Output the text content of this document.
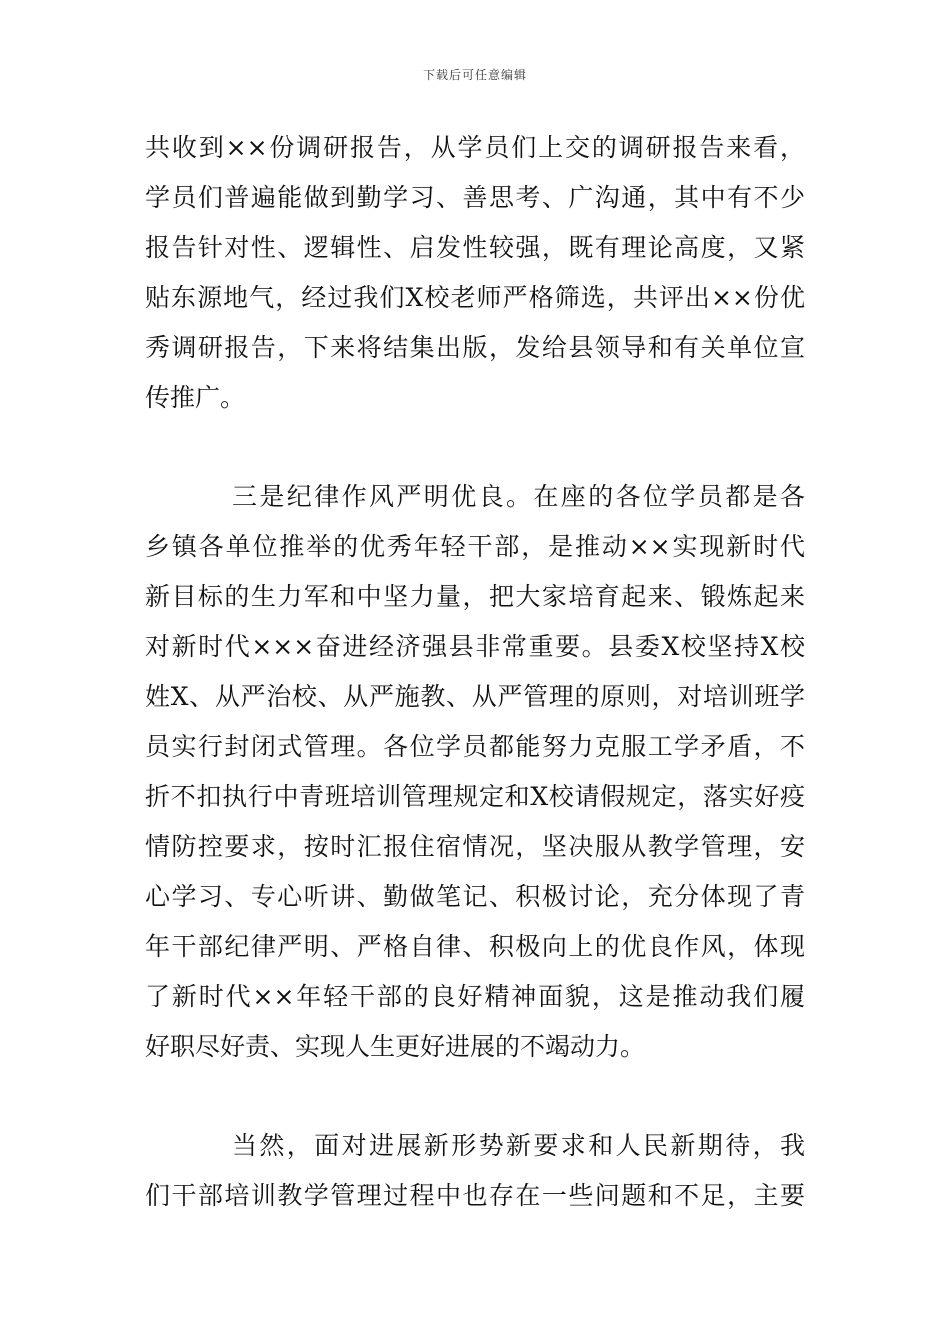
下载后可任意编辑
共收到××份调研报告，从学员们上交的调研报告来看，
学员们普遍能做到勤学习、善思考、广沟通，其中有不少
报告针对性、逻辑性、启发性较强，既有理论高度，又紧
贴东源地气，经过我们X校老师严格筛选，共评出××份优
秀调研报告，下来将结集出版，发给县领导和有关单位宣
传推广。
三是纪律作风严明优良。在座的各位学员都是各
乡镇各单位推举的优秀年轻干部，是推动××实现新时代
新目标的生力军和中坚力量，把大家培育起来、锻炼起来
对新时代×××奋进经济强县非常重要。县委X校坚持X校
姓X、从严治校、从严施教、从严管理的原则，对培训班学
员实行封闭式管理。各位学员都能努力克服工学矛盾，不
折不扣执行中青班培训管理规定和X校请假规定，落实好疫
情防控要求，按时汇报住宿情况，坚决服从教学管理，安
心学习、专心听讲、勤做笔记、积极讨论，充分体现了青
年干部纪律严明、严格自律、积极向上的优良作风，体现
了新时代××年轻干部的良好精神面貌，这是推动我们履
好职尽好责、实现人生更好进展的不竭动力。
当然，面对进展新形势新要求和人民新期待，我
们干部培训教学管理过程中也存在一些问题和不足，主要
